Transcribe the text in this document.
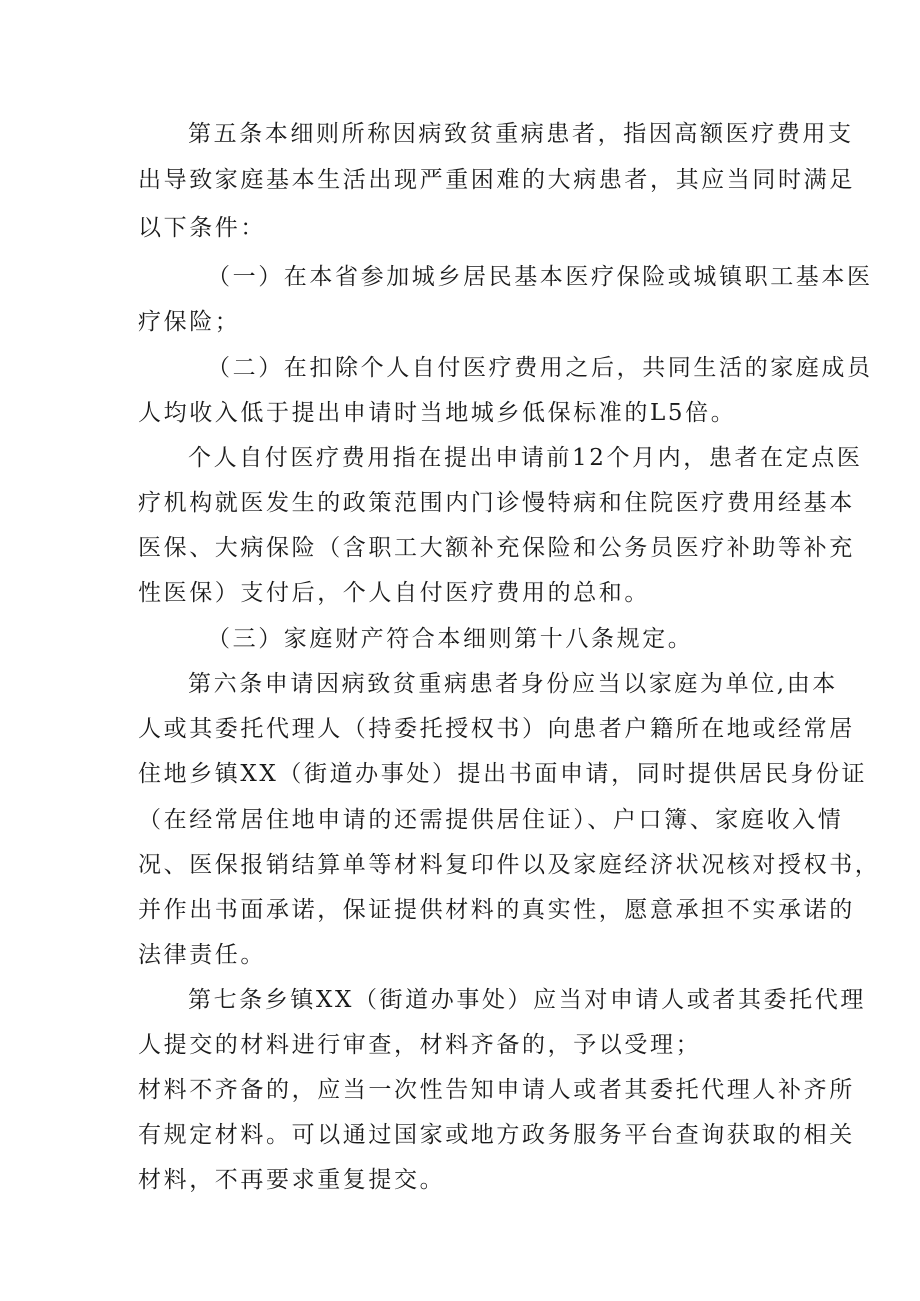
第五条本细则所称因病致贫重病患者，指因高额医疗费用支
出导致家庭基本生活出现严重困难的大病患者，其应当同时满足
以下条件：
（一）在本省参加城乡居民基本医疗保险或城镇职工基本医
疗保险；
（二）在扣除个人自付医疗费用之后，共同生活的家庭成员
人均收入低于提出申请时当地城乡低保标准的L5倍。
个人自付医疗费用指在提出申请前12个月内，患者在定点医
疗机构就医发生的政策范围内门诊慢特病和住院医疗费用经基本
医保、大病保险（含职工大额补充保险和公务员医疗补助等补充
性医保）支付后，个人自付医疗费用的总和。
（三）家庭财产符合本细则第十八条规定。
第六条申请因病致贫重病患者身份应当以家庭为单位,由本
人或其委托代理人（持委托授权书）向患者户籍所在地或经常居
住地乡镇XX（街道办事处）提出书面申请，同时提供居民身份证
（在经常居住地申请的还需提供居住证）、户口簿、家庭收入情
况、医保报销结算单等材料复印件以及家庭经济状况核对授权书，
并作出书面承诺，保证提供材料的真实性，愿意承担不实承诺的
法律责任。
第七条乡镇XX（街道办事处）应当对申请人或者其委托代理
人提交的材料进行审查，材料齐备的，予以受理；
材料不齐备的，应当一次性告知申请人或者其委托代理人补齐所
有规定材料。可以通过国家或地方政务服务平台查询获取的相关
材料，不再要求重复提交。
